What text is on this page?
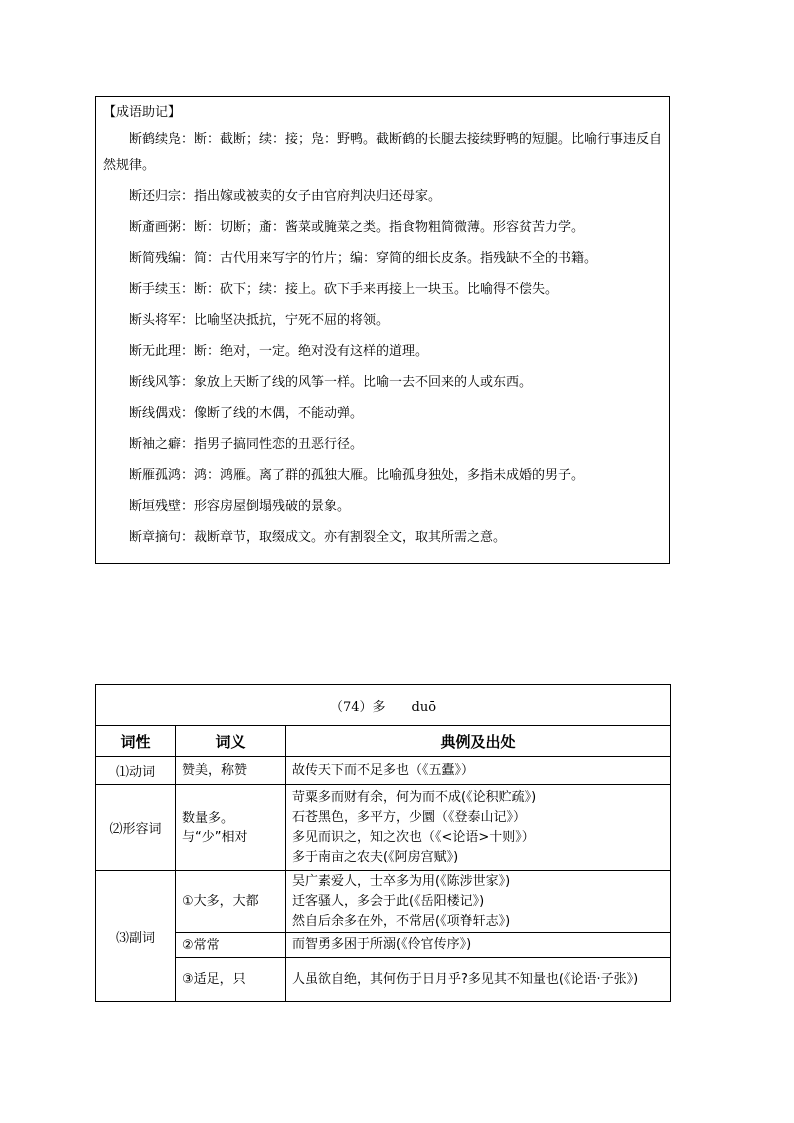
【成语助记】
断鹤续凫：断：截断；续：接；凫：野鸭。截断鹤的长腿去接续野鸭的短腿。比喻行事违反自然规律。
断还归宗：指出嫁或被卖的女子由官府判决归还母家。
断齑画粥：断：切断；齑：酱菜或腌菜之类。指食物粗简微薄。形容贫苦力学。
断简残编：简：古代用来写字的竹片；编：穿简的细长皮条。指残缺不全的书籍。
断手续玉：断：砍下；续：接上。砍下手来再接上一块玉。比喻得不偿失。
断头将军：比喻坚决抵抗，宁死不屈的将领。
断无此理：断：绝对，一定。绝对没有这样的道理。
断线风筝：象放上天断了线的风筝一样。比喻一去不回来的人或东西。
断线偶戏：像断了线的木偶，不能动弹。
断袖之癖：指男子搞同性恋的丑恶行径。
断雁孤鸿：鸿：鸿雁。离了群的孤独大雁。比喻孤身独处，多指未成婚的男子。
断垣残壁：形容房屋倒塌残破的景象。
断章摘句：裁断章节，取缀成文。亦有割裂全文，取其所需之意。
（74）多 duō		
词性	词义	典例及出处
⑴动词	赞美，称赞	故传天下而不足多也（《五蠹》）

⑵形容词	数量多。与“少”相对	苛粟多而财有余，何为而不成(《论积贮疏》)
石苍黑色，多平方，少圜（《登泰山记》）
多见而识之，知之次也（《<论语>十则》）
多于南亩之农夫(《阿房宫赋》)

⑶副词	①大多，大都	吴广素爱人，士卒多为用(《陈涉世家》)
迁客骚人，多会于此(《岳阳楼记》)
然自后余多在外，不常居(《项脊轩志》)

	②常常	而智勇多困于所溺(《伶官传序》)

	③适足，只	人虽欲自绝，其何伤于日月乎?多见其不知量也(《论语·子张》)
